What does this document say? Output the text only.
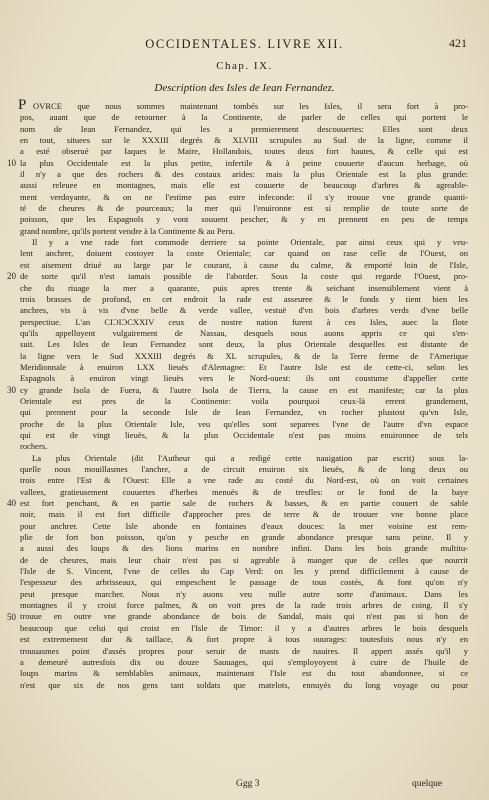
OCCIDENTALES. LIVRE XII.	421
Chap. IX.
Description des Isles de Iean Fernandez.
P OVRCE que nous sommes maintenant tombés sur les Isles, il sera fort à pro-
pos, auant que de retourner à la Continente, de parler de celles qui portent le
nom de Iean Fernandez, qui les a premierement descouuertes: Elles sont deux
en tout, situees sur le XXXIII degrés & XLVIII scrupules au Sud de la ligne, comme il
a esté obserué par Iaques le Maire, Hollandois, toutes deux fort hautes, & celle qui est
la plus Occidentale est la plus petite, infertile & à peine couuerte d'aucun herbage, où
10
il n'y a que des rochers & des costaux arides: mais la plus Orientale est la plus grande:
aussi releuee en montagnes, mais elle est couuerte de beaucoup d'arbres & agreable-
ment verdoyante, & on ne l'estime pas estre infeconde: il s'y trouue vne grande quanti-
té de cheures & de pourceaux; la mer qui l'enuironne est si remplie de toute sorte de
poisson, que les Espagnols y vont souuent pescher, & y en prennent en peu de temps
grand nombre, qu'ils portent vendre à la Continente & au Peru.
Il y a vne rade fort commode derriere sa pointe Orientale, par ainsi ceux qui y veu-
lent anchrer, doiuent costoyer la coste Orientale; car quand on rase celle de l'Ouest, on
est aisement driué au large par le courant, à cause du calme, & emporté loin de l'Isle,
de sorte qu'il n'est iamais possible de l'aborder. Sous la coste qui regarde l'Ouest, pro-
20
che du riuage la mer a quarante, puis apres trente & seichant insensiblement vient à
trois brasses de profond, en cet endroit la rade est asseuree & le fonds y tient bien les
anchres, vis à vis d'vne belle & verde vallee, vestuë d'vn bois d'arbres verds d'vne belle
perspectiue. L'an CIƆIƆCXXIV ceux de nostre nation furent à ces Isles, auec la flote
qu'ils appelloyent vulgairement de Nassau, desquels nous auons appris ce qui s'en-
suit. Les Isles de Iean Fernandez sont deux, la plus Orientale desquelles est distante de
la ligne vers le Sud XXXIII degrés & XL scrupules, & de la Terre ferme de l'Amerique
Meridionnale à enuiron LXX lieuës d'Alemagne: Et l'autre Isle est de cette-ci, selon les
Espagnols à enuiron vingt lieuës vers le Nord-ouest: ils ont coustume d'appeller cette
cy grande Isola de Fuera, & l'autre Isola de Tierra, la cause en est manifeste; car la plus
30
Orientale est pres de la Continente: voila pourquoi ceux-là errent grandement,
qui prennent pour la seconde Isle de Iean Fernandez, vn rocher plustost qu'vn Isle,
proche de la plus Orientale Isle, veu qu'elles sont separees l'vne de l'autre d'vn espace
qui est de vingt lieuës, & la plus Occidentale n'est pas moins enuironnee de tels
rochers.
La plus Orientale (dit l'Autheur qui a redigé cette nauigation par escrit) sous la-
quelle nous mouillasmes l'anchre, a de circuit enuiron six lieuës, & de long deux ou
trois entre l'Est & l'Ouest: Elle a vne rade au costé du Nord-est, où on voit certaines
vallees, gratieusement couuertes d'herbes menuës & de tresfles: or le fond de la baye
est fort penchant, & en partie sale de rochers & basses, & en partie couuert de sable
40
noir, mais il est fort difficile d'approcher pres de terre & de trouuer vne bonne place
pour anchrer. Cette Isle abonde en fontaines d'eaux douces: la mer voisine est rem-
plie de fort bon poisson, qu'on y pesche en grande abondance presque sans peine. Il y
a aussi des loups & des lions marins en nombre infini. Dans les bois grande multitu-
de de cheures, mais leur chair n'est pas si agreable à manger que de celles que nourrit
l'Isle de S. Vincent, l'vne de celles du Cap Verd: on les y prend difficilement à cause de
l'espesseur des arbrisseaux, qui empeschent le passage de tous costés, & font qu'on n'y
peut presque marcher. Nous n'y auons veu nulle autre sorte d'animaux. Dans les
montagnes il y croist force palmes, & on voit pres de la rade trois arbres de coing. Il s'y
trouue en outre vne grande abondance de bois de Sandal, mais qui n'est pas si bon de
50
beaucoup que celui qui croist en l'Isle de Timor: il y a d'autres arbres le bois desquels
est extremement dur & taillace, & fort propre à tous ouurages: toutesfois nous n'y en
trouuasmes point d'assés propres pour seruir de masts de nauires. Il appert assés qu'il y
a demeuré autresfois dix ou douze Sauuages, qui s'employoyent à cuire de l'huile de
loups marins & semblables animaux, maintenant l'Isle est du tout abandonnee, si ce
n'est que six de nos gens tant soldats que matelots, ennuyés du long voyage ou pour
Ggg 3	quelque
